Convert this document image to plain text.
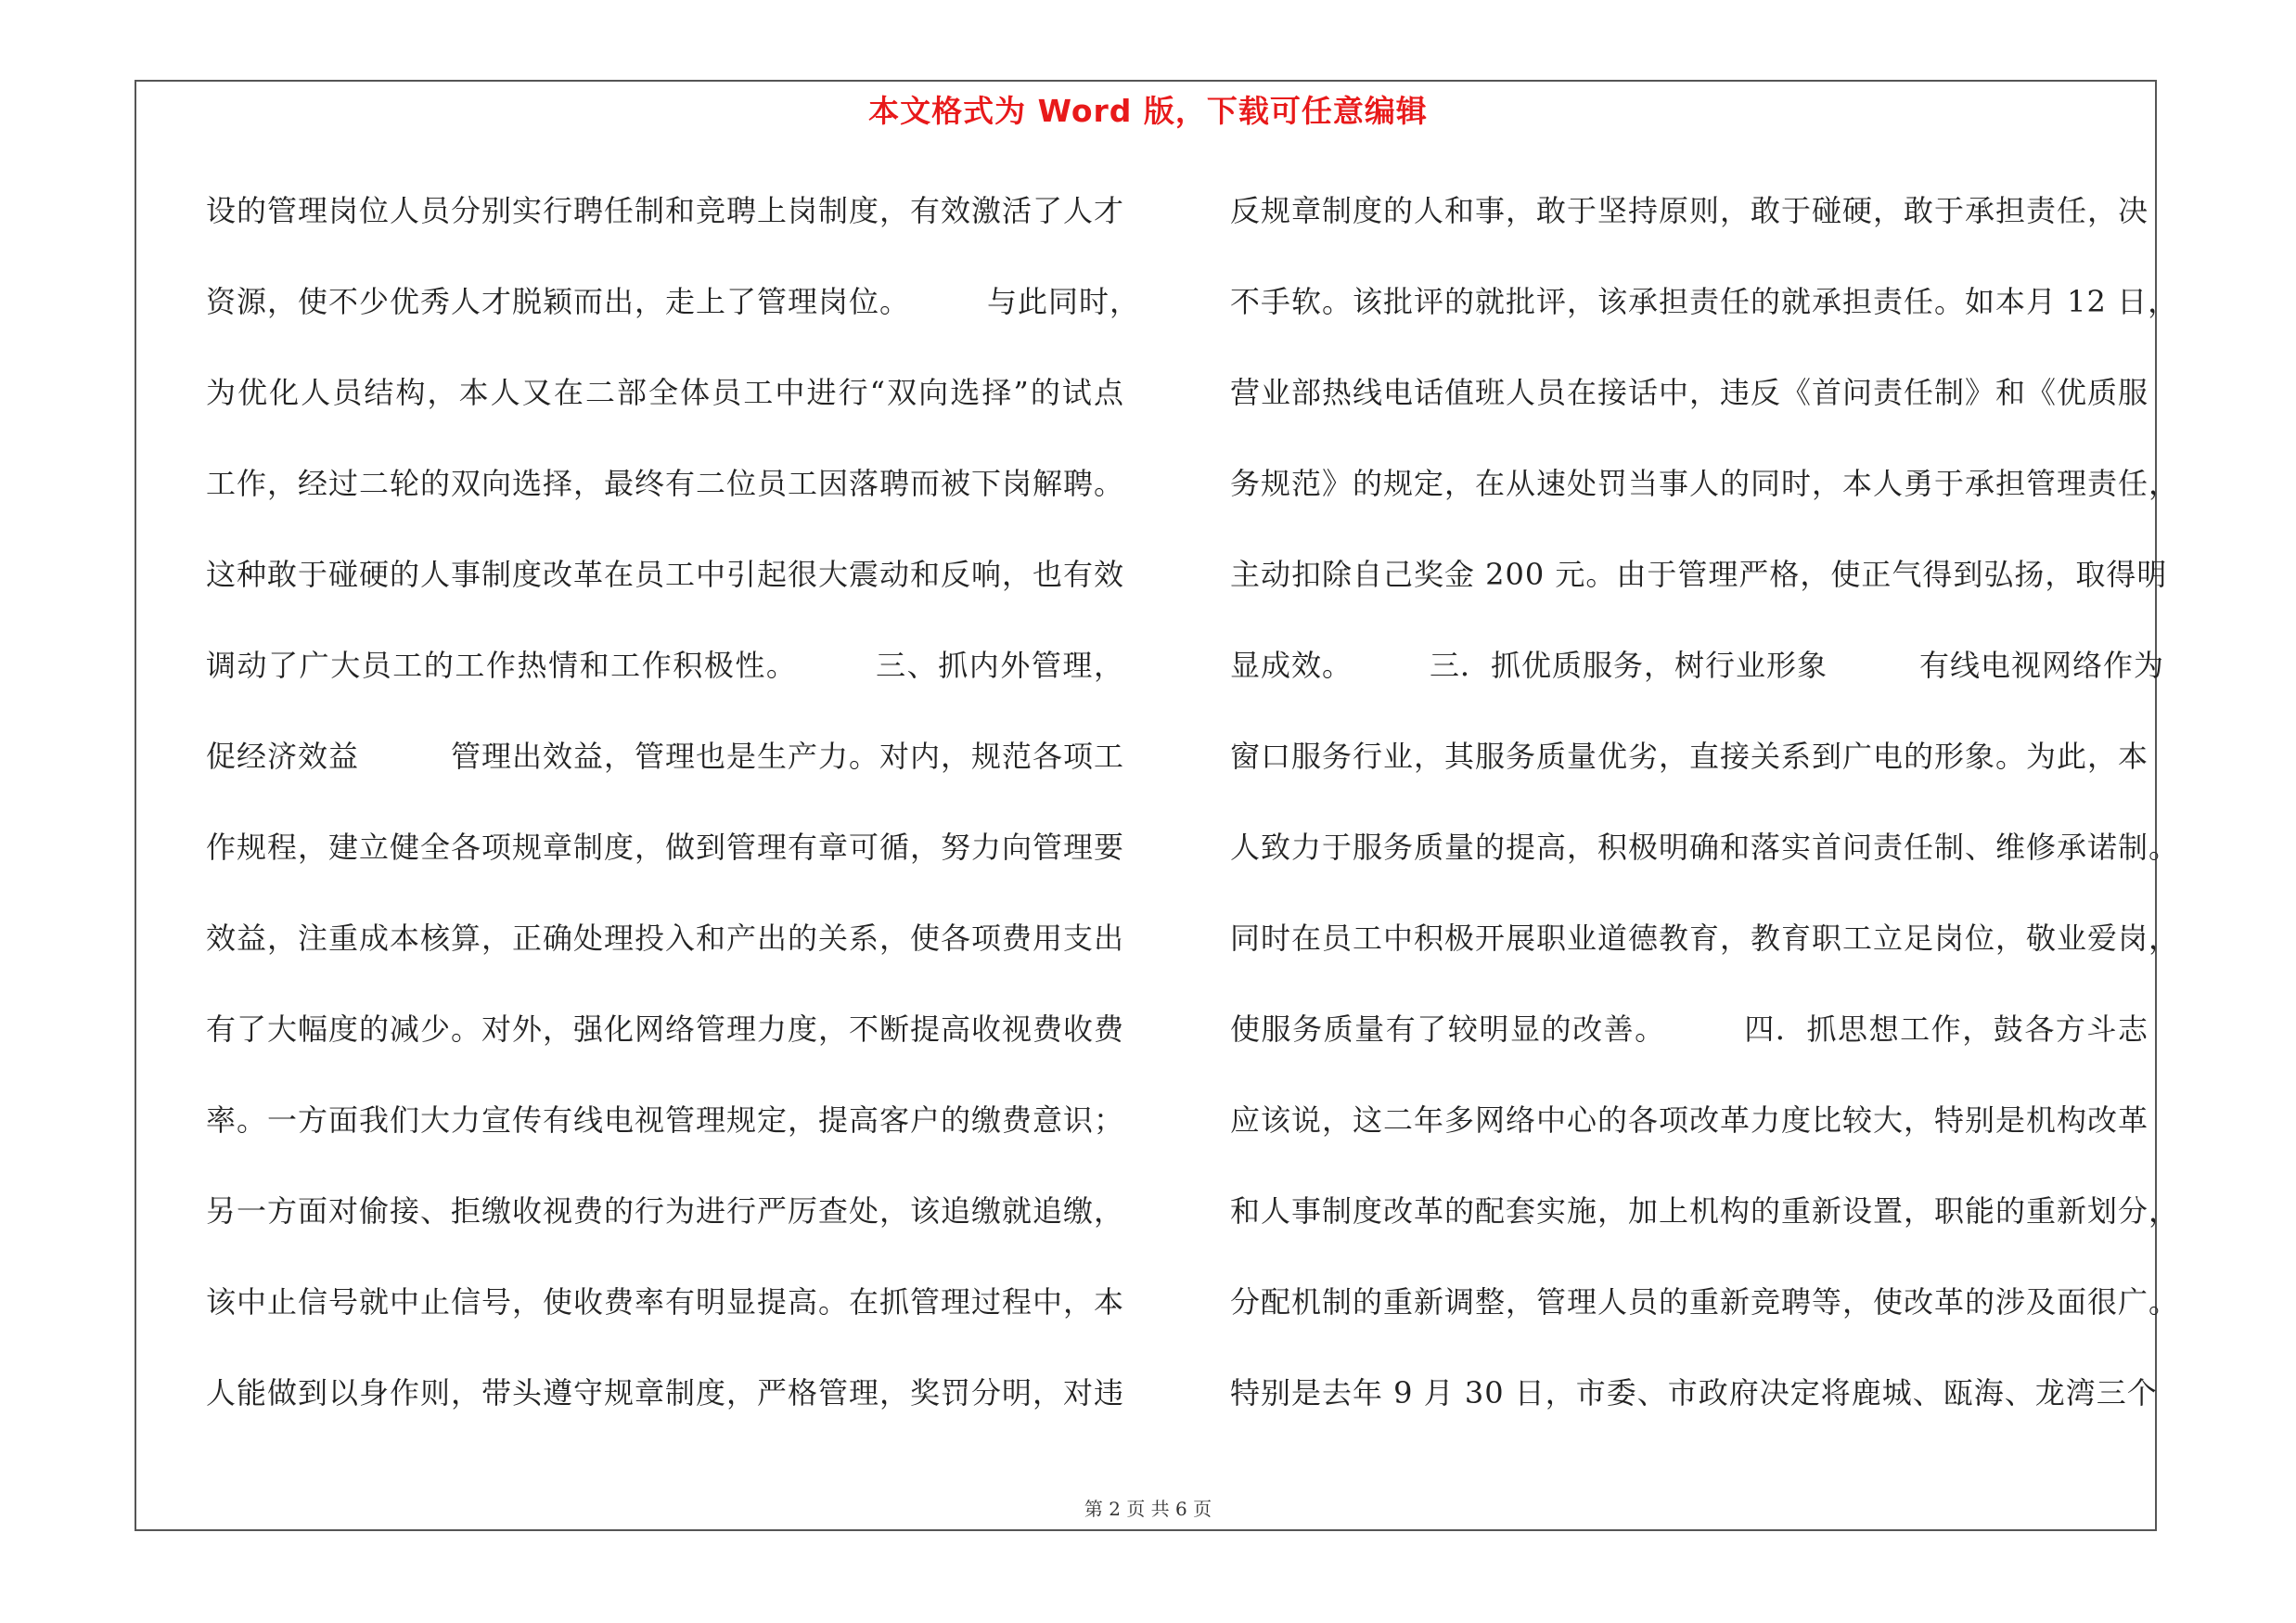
本文格式为 Word 版，下载可任意编辑
设的管理岗位人员分别实行聘任制和竞聘上岗制度，有效激活了人才
资源，使不少优秀人才脱颖而出，走上了管理岗位。　　　与此同时，
为优化人员结构，本人又在二部全体员工中进行“双向选择”的试点
工作，经过二轮的双向选择，最终有二位员工因落聘而被下岗解聘。
这种敢于碰硬的人事制度改革在员工中引起很大震动和反响，也有效
调动了广大员工的工作热情和工作积极性。　　　三、抓内外管理，
促经济效益　　　管理出效益，管理也是生产力。对内，规范各项工
作规程，建立健全各项规章制度，做到管理有章可循，努力向管理要
效益，注重成本核算，正确处理投入和产出的关系，使各项费用支出
有了大幅度的减少。对外，强化网络管理力度，不断提高收视费收费
率。一方面我们大力宣传有线电视管理规定，提高客户的缴费意识；
另一方面对偷接、拒缴收视费的行为进行严厉查处，该追缴就追缴，
该中止信号就中止信号，使收费率有明显提高。在抓管理过程中，本
人能做到以身作则，带头遵守规章制度，严格管理，奖罚分明，对违
反规章制度的人和事，敢于坚持原则，敢于碰硬，敢于承担责任，决
不手软。该批评的就批评，该承担责任的就承担责任。如本月 12 日，
营业部热线电话值班人员在接话中，违反《首问责任制》和《优质服
务规范》的规定，在从速处罚当事人的同时，本人勇于承担管理责任，
主动扣除自己奖金 200 元。由于管理严格，使正气得到弘扬，取得明
显成效。　　　三．抓优质服务，树行业形象　　　有线电视网络作为
窗口服务行业，其服务质量优劣，直接关系到广电的形象。为此，本
人致力于服务质量的提高，积极明确和落实首问责任制、维修承诺制。
同时在员工中积极开展职业道德教育，教育职工立足岗位，敬业爱岗，
使服务质量有了较明显的改善。　　　四．抓思想工作，鼓各方斗志
应该说，这二年多网络中心的各项改革力度比较大，特别是机构改革
和人事制度改革的配套实施，加上机构的重新设置，职能的重新划分，
分配机制的重新调整，管理人员的重新竞聘等，使改革的涉及面很广。
特别是去年 9 月 30 日，市委、市政府决定将鹿城、瓯海、龙湾三个
第 2 页 共 6 页
